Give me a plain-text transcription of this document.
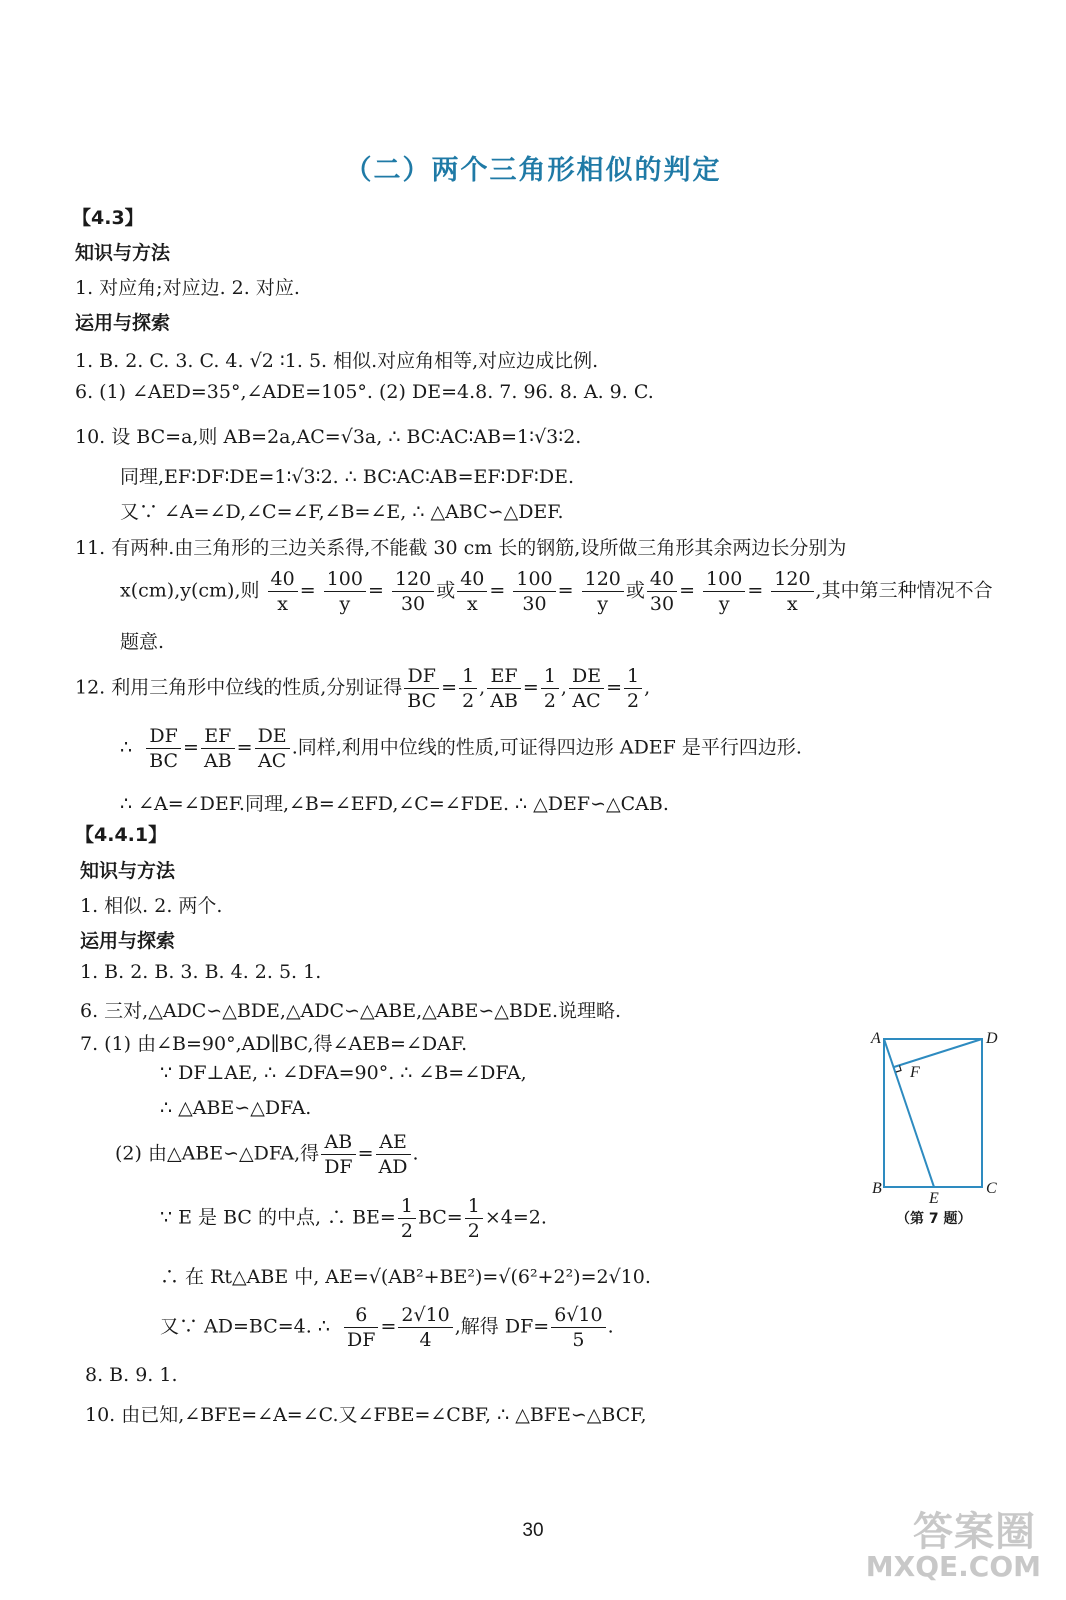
（二）两个三角形相似的判定
【4.3】
知识与方法
1. 对应角;对应边. 2. 对应.
运用与探索
1. B. 2. C. 3. C. 4. √2 ∶1. 5. 相似.对应角相等,对应边成比例.
6. (1) ∠AED=35°,∠ADE=105°. (2) DE=4.8. 7. 96. 8. A. 9. C.
10. 设 BC=a,则 AB=2a,AC=√3a, ∴ BC∶AC∶AB=1∶√3∶2.
同理,EF∶DF∶DE=1∶√3∶2. ∴ BC∶AC∶AB=EF∶DF∶DE.
又∵ ∠A=∠D,∠C=∠F,∠B=∠E, ∴ △ABC∽△DEF.
11. 有两种.由三角形的三边关系得,不能截 30 cm 长的钢筋,设所做三角形其余两边长分别为
x(cm),y(cm),则 $\frac{40}{x} = \frac{100}{y} = \frac{120}{30}$ 或 $\frac{40}{x} = \frac{100}{30} = \frac{120}{y}$ 或 $\frac{40}{30} = \frac{100}{y} = \frac{120}{x}$ ,其中第三种情况不合
题意.
12. 利用三角形中位线的性质,分别证得 $\frac{DF}{BC} = \frac{1}{2}$ , $\frac{EF}{AB} = \frac{1}{2}$ , $\frac{DE}{AC} = \frac{1}{2}$ ,
∴ $\frac{DF}{BC} = \frac{EF}{AB} = \frac{DE}{AC}$ .同样,利用中位线的性质,可证得四边形 ADEF 是平行四边形.
∴ ∠A=∠DEF.同理,∠B=∠EFD,∠C=∠FDE. ∴ △DEF∽△CAB.
【4.4.1】
知识与方法
1. 相似. 2. 两个.
运用与探索
1. B. 2. B. 3. B. 4. 2. 5. 1.
6. 三对,△ADC∽△BDE,△ADC∽△ABE,△ABE∽△BDE.说理略.
7. (1) 由∠B=90°,AD∥BC,得∠AEB=∠DAF.
∵ DF⊥AE, ∴ ∠DFA=90°. ∴ ∠B=∠DFA,
∴ △ABE∽△DFA.
(2) 由△ABE∽△DFA,得 $\frac{AB}{DF} = \frac{AE}{AD}$ .
∵ E 是 BC 的中点, ∴ $BE= \frac{1}{2} BC= \frac{1}{2} \times 4=2$.
∴ 在 Rt△ABE 中, AE=√(AB²+BE²)=√(6²+2²)=2√10.
又∵ AD=BC=4. ∴ $\frac{6}{DF} = \frac{2√10}{4}$ ,解得 $DF= \frac{6√10}{5}$ .
8. B. 9. 1.
10. 由已知,∠BFE=∠A=∠C.又∠FBE=∠CBF, ∴ △BFE∽△BCF,
A	D
B	C
E
F
（第 7 题）
30	答案圈
MXQE.COM
